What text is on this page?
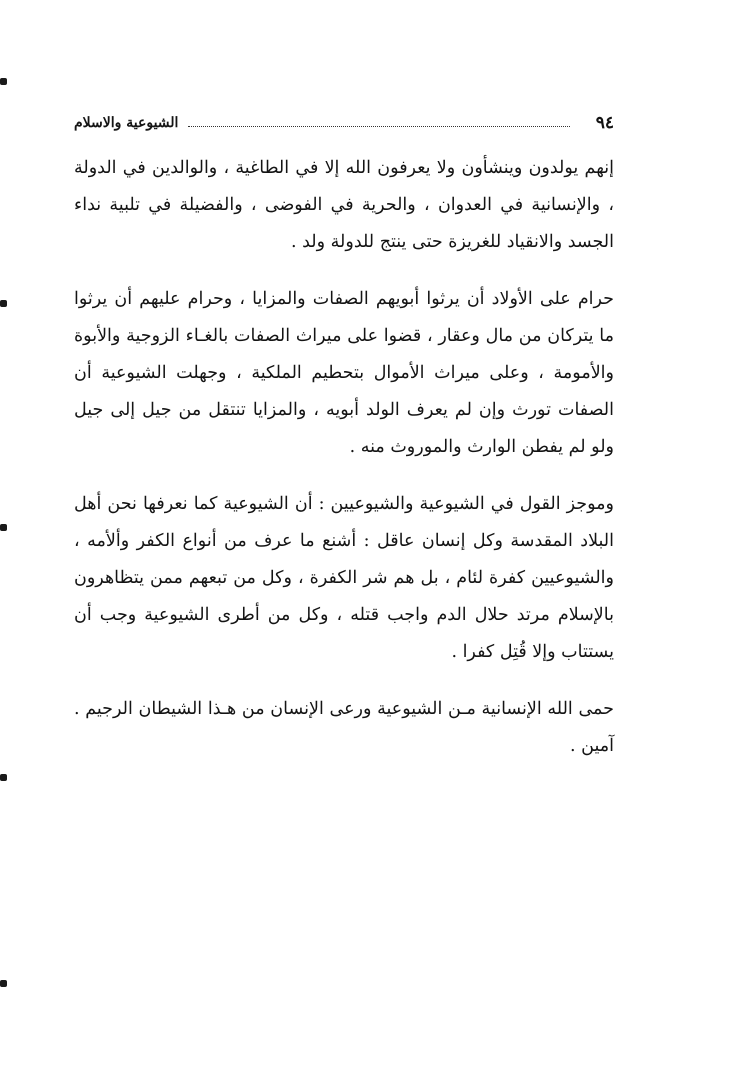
٩٤
الشيوعية والاسلام

إنهم يولدون وينشأون ولا يعرفون الله إلا في الطاغية ، والوالدين في الدولة ، والإنسانية في العدوان ، والحرية في الفوضى ، والفضيلة في تلبية نداء الجسد والانقياد للغريزة حتى ينتج للدولة ولد .

حرام على الأولاد أن يرثوا أبويهم الصفات والمزايا ، وحرام عليهم أن يرثوا ما يتركان من مال وعقار ، قضوا على ميراث الصفات بالغـاء الزوجية والأبوة والأمومة ، وعلى ميراث الأموال بتحطيم الملكية ، وجهلت الشيوعية أن الصفات تورث وإن لم يعرف الولد أبويه ، والمزايا تنتقل من جيل إلى جيل ولو لم يفطن الوارث والموروث منه .

وموجز القول في الشيوعية والشيوعيين : أن الشيوعية كما نعرفها نحن أهل البلاد المقدسة وكل إنسان عاقل : أشنع ما عرف من أنواع الكفر وألأمه ، والشيوعيين كفرة لئام ، بل هم شر الكفرة ، وكل من تبعهم ممن يتظاهرون بالإسلام مرتد حلال الدم واجب قتله ، وكل من أطرى الشيوعية وجب أن يستتاب وإلا قُتِل كفرا .

حمى الله الإنسانية مـن الشيوعية ورعى الإنسان من هـذا الشيطان الرجيم . آمين .
